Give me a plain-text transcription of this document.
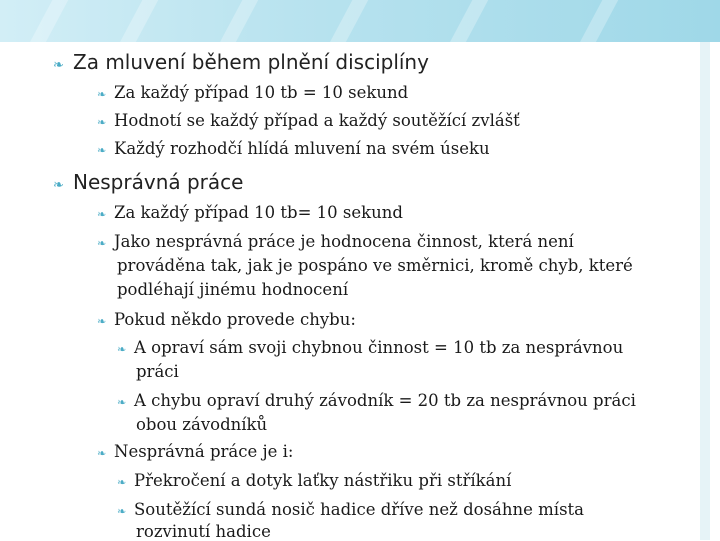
❧ Za mluvení během plnění disciplíny
❧ Za každý případ 10 tb = 10 sekund
❧ Hodnotí se každý případ a každý soutěžící zvlášť
❧ Každý rozhodčí hlídá mluvení na svém úseku
❧ Nesprávná práce
❧ Za každý případ 10 tb= 10 sekund
❧ Jako nesprávná práce je hodnocena činnost, která není
prováděna tak, jak je pospáno ve směrnici, kromě chyb, které
podléhají jinému hodnocení
❧ Pokud někdo provede chybu:
❧ A opraví sám svoji chybnou činnost = 10 tb za nesprávnou
práci
❧ A chybu opraví druhý závodník = 20 tb za nesprávnou práci
obou závodníků
❧ Nesprávná práce je i:
❧ Překročení a dotyk laťky nástřiku při stříkání
❧ Soutěžící sundá nosič hadice dříve než dosáhne místa
rozvinutí hadice
